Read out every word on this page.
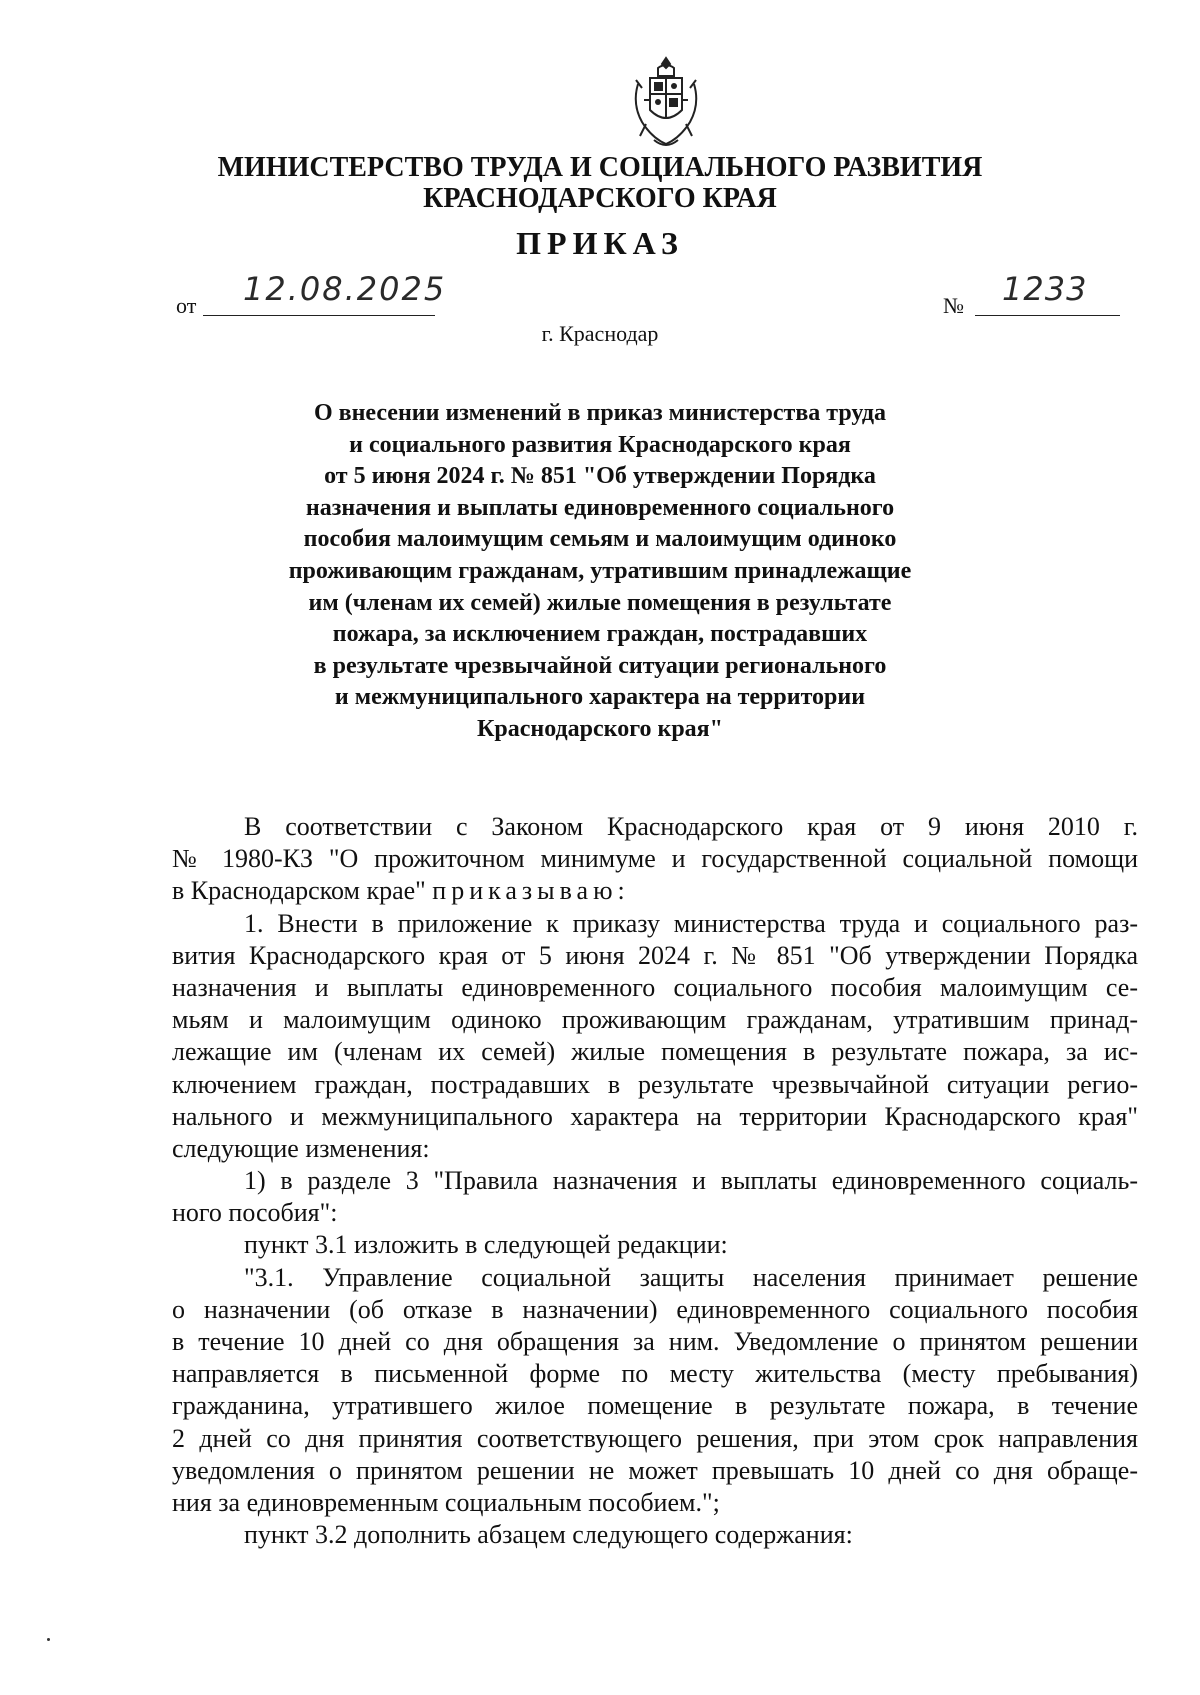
МИНИСТЕРСТВО ТРУДА И СОЦИАЛЬНОГО РАЗВИТИЯ
КРАСНОДАРСКОГО КРАЯ
ПРИКАЗ
от 12.08.2025	№ 1233
г. Краснодар
О внесении изменений в приказ министерства труда
и социального развития Краснодарского края
от 5 июня 2024 г. № 851 "Об утверждении Порядка
назначения и выплаты единовременного социального
пособия малоимущим семьям и малоимущим одиноко
проживающим гражданам, утратившим принадлежащие
им (членам их семей) жилые помещения в результате
пожара, за исключением граждан, пострадавших
в результате чрезвычайной ситуации регионального
и межмуниципального характера на территории
Краснодарского края"
В соответствии с Законом Краснодарского края от 9 июня 2010 г.
№ 1980-КЗ "О прожиточном минимуме и государственной социальной помощи
в Краснодарском крае" приказываю:
1. Внести в приложение к приказу министерства труда и социального раз-
вития Краснодарского края от 5 июня 2024 г. № 851 "Об утверждении Порядка
назначения и выплаты единовременного социального пособия малоимущим се-
мьям и малоимущим одиноко проживающим гражданам, утратившим принад-
лежащие им (членам их семей) жилые помещения в результате пожара, за ис-
ключением граждан, пострадавших в результате чрезвычайной ситуации регио-
нального и межмуниципального характера на территории Краснодарского края"
следующие изменения:
1) в разделе 3 "Правила назначения и выплаты единовременного социаль-
ного пособия":
пункт 3.1 изложить в следующей редакции:
"3.1. Управление социальной защиты населения принимает решение
о назначении (об отказе в назначении) единовременного социального пособия
в течение 10 дней со дня обращения за ним. Уведомление о принятом решении
направляется в письменной форме по месту жительства (месту пребывания)
гражданина, утратившего жилое помещение в результате пожара, в течение
2 дней со дня принятия соответствующего решения, при этом срок направления
уведомления о принятом решении не может превышать 10 дней со дня обраще-
ния за единовременным социальным пособием.";
пункт 3.2 дополнить абзацем следующего содержания:
